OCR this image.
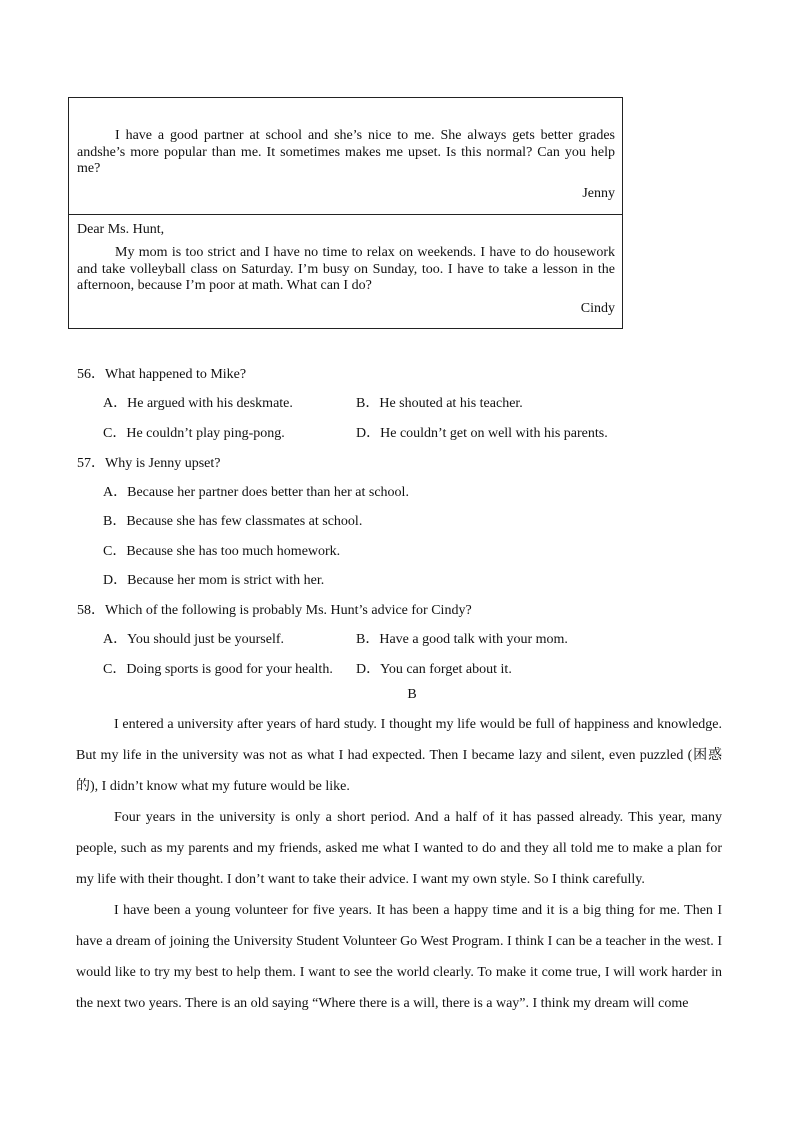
I have a good partner at school and she’s nice to me. She always gets better grades andshe’s more popular than me. It sometimes makes me upset. Is this normal? Can you help me?
Jenny
Dear Ms. Hunt,
My mom is too strict and I have no time to relax on weekends. I have to do housework and take volleyball class on Saturday. I’m busy on Sunday, too. I have to take a lesson in the afternoon, because I’m poor at math. What can I do?
Cindy
56．What happened to Mike?
A．He argued with his deskmate.	B．He shouted at his teacher.
C．He couldn’t play ping-pong.	D．He couldn’t get on well with his parents.
57．Why is Jenny upset?
A．Because her partner does better than her at school.
B．Because she has few classmates at school.
C．Because she has too much homework.
D．Because her mom is strict with her.
58．Which of the following is probably Ms. Hunt’s advice for Cindy?
A．You should just be yourself.	B．Have a good talk with your mom.
C．Doing sports is good for your health. D．You can forget about it.
B
I entered a university after years of hard study. I thought my life would be full of happiness and knowledge. But my life in the university was not as what I had expected. Then I became lazy and silent, even puzzled (困惑的), I didn’t know what my future would be like.
Four years in the university is only a short period. And a half of it has passed already. This year, many people, such as my parents and my friends, asked me what I wanted to do and they all told me to make a plan for my life with their thought. I don’t want to take their advice. I want my own style. So I think carefully.
I have been a young volunteer for five years. It has been a happy time and it is a big thing for me. Then I have a dream of joining the University Student Volunteer Go West Program. I think I can be a teacher in the west. I would like to try my best to help them. I want to see the world clearly. To make it come true, I will work harder in the next two years. There is an old saying “Where there is a will, there is a way”. I think my dream will come
